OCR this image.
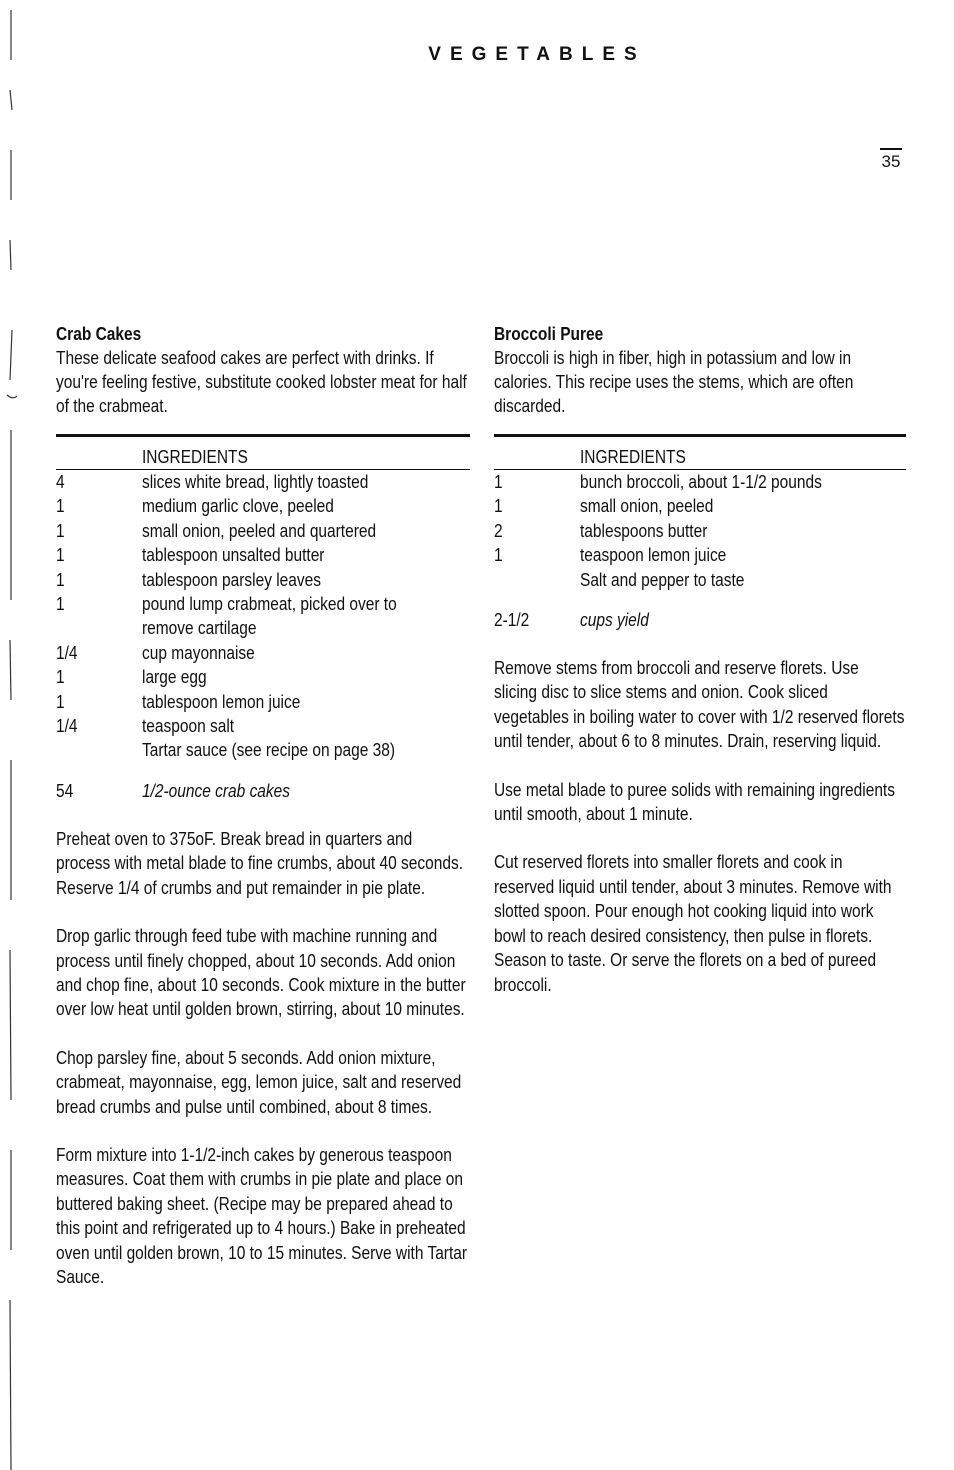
VEGETABLES
35
Crab Cakes
These delicate seafood cakes are perfect with drinks. If you're feeling festive, substitute cooked lobster meat for half of the crabmeat.
INGREDIENTS
4	slices white bread, lightly toasted
1	medium garlic clove, peeled
1	small onion, peeled and quartered
1	tablespoon unsalted butter
1	tablespoon parsley leaves
1	pound lump crabmeat, picked over to remove cartilage
1/4	cup mayonnaise
1	large egg
1	tablespoon lemon juice
1/4	teaspoon salt
Tartar sauce (see recipe on page 38)
54	1/2-ounce crab cakes
Preheat oven to 375oF. Break bread in quarters and process with metal blade to fine crumbs, about 40 seconds. Reserve 1/4 of crumbs and put remainder in pie plate.
Drop garlic through feed tube with machine running and process until finely chopped, about 10 seconds. Add onion and chop fine, about 10 seconds. Cook mixture in the butter over low heat until golden brown, stirring, about 10 minutes.
Chop parsley fine, about 5 seconds. Add onion mixture, crabmeat, mayonnaise, egg, lemon juice, salt and reserved bread crumbs and pulse until combined, about 8 times.
Form mixture into 1-1/2-inch cakes by generous teaspoon measures. Coat them with crumbs in pie plate and place on buttered baking sheet. (Recipe may be prepared ahead to this point and refrigerated up to 4 hours.) Bake in preheated oven until golden brown, 10 to 15 minutes. Serve with Tartar Sauce.
Broccoli Puree
Broccoli is high in fiber, high in potassium and low in calories. This recipe uses the stems, which are often discarded.
INGREDIENTS
1	bunch broccoli, about 1-1/2 pounds
1	small onion, peeled
2	tablespoons butter
1	teaspoon lemon juice
Salt and pepper to taste
2-1/2	cups yield
Remove stems from broccoli and reserve florets. Use slicing disc to slice stems and onion. Cook sliced vegetables in boiling water to cover with 1/2 reserved florets until tender, about 6 to 8 minutes. Drain, reserving liquid.
Use metal blade to puree solids with remaining ingredients until smooth, about 1 minute.
Cut reserved florets into smaller florets and cook in reserved liquid until tender, about 3 minutes. Remove with slotted spoon. Pour enough hot cooking liquid into work bowl to reach desired consistency, then pulse in florets. Season to taste. Or serve the florets on a bed of pureed broccoli.
